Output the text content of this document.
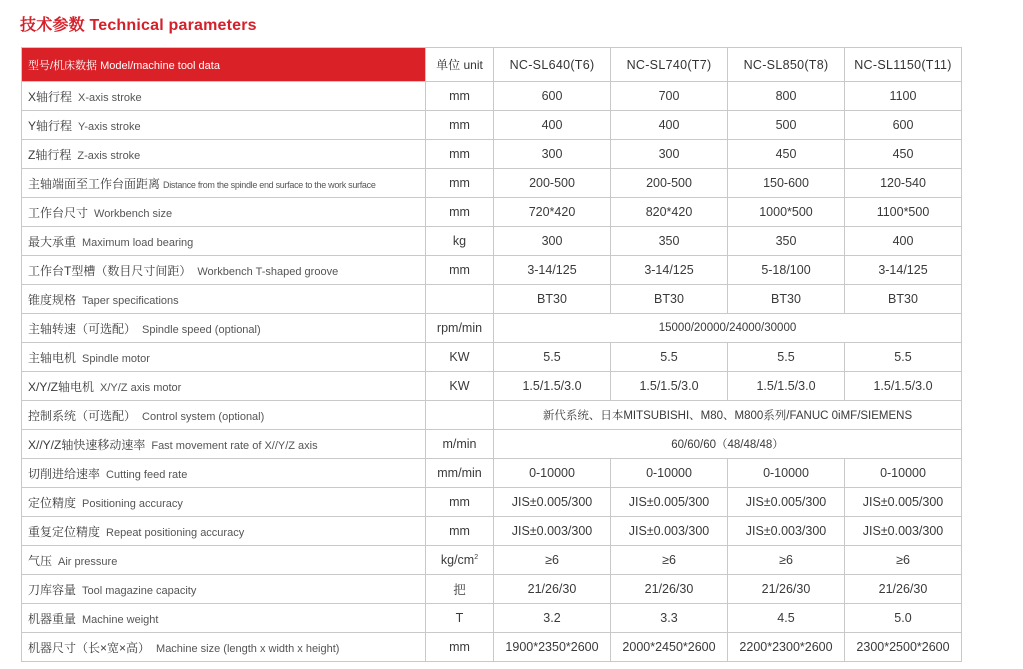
技术参数 Technical parameters
型号/机床数据 Model/machine tool data	单位 unit	NC-SL640(T6)	NC-SL740(T7)	NC-SL850(T8)	NC-SL1150(T11)
X轴行程 X-axis stroke	mm	600	700	800	1100
Y轴行程 Y-axis stroke	mm	400	400	500	600
Z轴行程 Z-axis stroke	mm	300	300	450	450
主轴端面至工作台面距离 Distance from the spindle end surface to the work surface	mm	200-500	200-500	150-600	120-540
工作台尺寸 Workbench size	mm	720*420	820*420	1000*500	1100*500
最大承重 Maximum load bearing	kg	300	350	350	400
工作台T型槽（数目尺寸间距） Workbench T-shaped groove	mm	3-14/125	3-14/125	5-18/100	3-14/125
锥度规格 Taper specifications		BT30	BT30	BT30	BT30
主轴转速（可选配） Spindle speed (optional)	rpm/min	15000/20000/24000/30000			
主轴电机 Spindle motor	KW	5.5	5.5	5.5	5.5
X/Y/Z轴电机 X/Y/Z axis motor	KW	1.5/1.5/3.0	1.5/1.5/3.0	1.5/1.5/3.0	1.5/1.5/3.0
控制系统（可选配） Control system (optional)		新代系统、日本MITSUBISHI、M80、M800系列/FANUC 0iMF/SIEMENS			
X//Y/Z轴快速移动速率 Fast movement rate of X//Y/Z axis	m/min	60/60/60（48/48/48）			
切削进给速率 Cutting feed rate	mm/min	0-10000	0-10000	0-10000	0-10000
定位精度 Positioning accuracy	mm	JIS±0.005/300	JIS±0.005/300	JIS±0.005/300	JIS±0.005/300
重复定位精度 Repeat positioning accuracy	mm	JIS±0.003/300	JIS±0.003/300	JIS±0.003/300	JIS±0.003/300
气压 Air pressure	$kg/cm^2$	≥6	≥6	≥6	≥6
刀库容量 Tool magazine capacity	把	21/26/30	21/26/30	21/26/30	21/26/30
机器重量 Machine weight	T	3.2	3.3	4.5	5.0
机器尺寸（长×宽×高） Machine size (length x width x height)	mm	1900*2350*2600	2000*2450*2600	2200*2300*2600	2300*2500*2600
